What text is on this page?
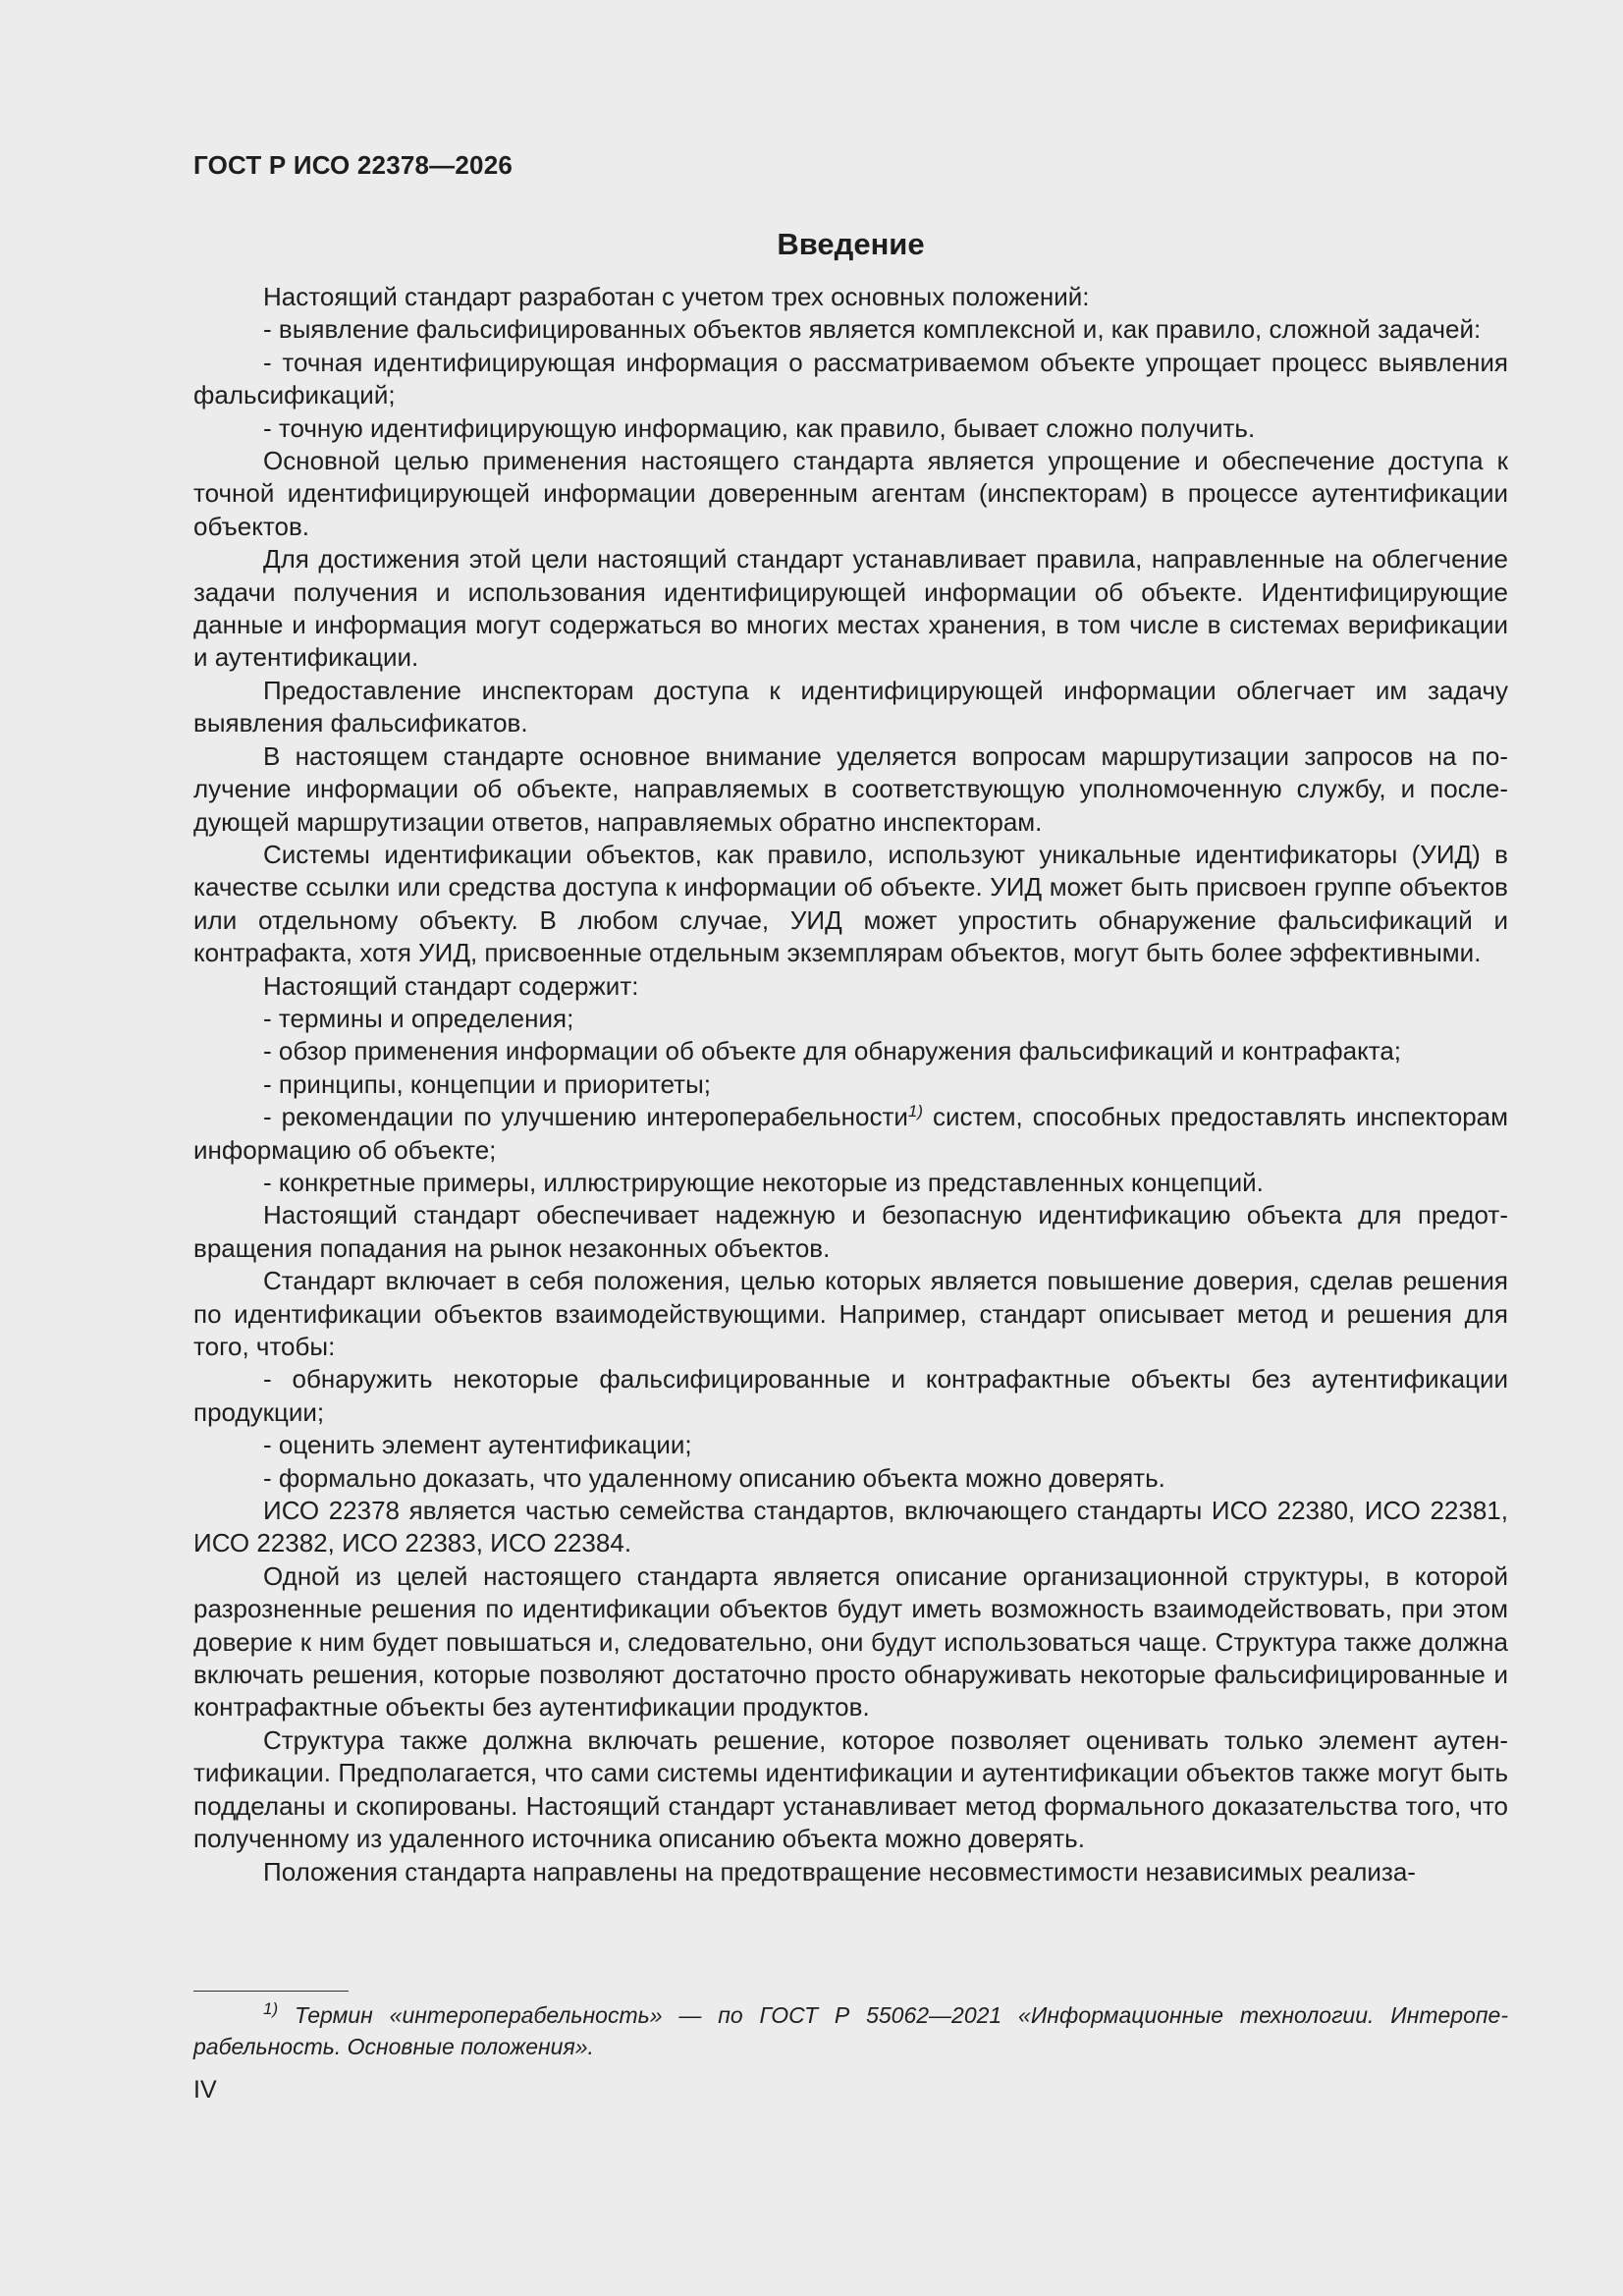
ГОСТ Р ИСО 22378—2026
Введение

Настоящий стандарт разработан с учетом трех основных положений:

- выявление фальсифицированных объектов является комплексной и, как правило, сложной задачей:

- точная идентифицирующая информация о рассматриваемом объекте упрощает процесс выявления фальсификаций;

- точную идентифицирующую информацию, как правило, бывает сложно получить.

Основной целью применения настоящего стандарта является упрощение и обеспечение доступа к точной идентифицирующей информации доверенным агентам (инспекторам) в процессе аутентификации объектов.

Для достижения этой цели настоящий стандарт устанавливает правила, направленные на облегчение задачи получения и использования идентифицирующей информации об объекте. Идентифицирующие данные и информация могут содержаться во многих местах хранения, в том числе в системах верификации и аутентификации.

Предоставление инспекторам доступа к идентифицирующей информации облегчает им задачу выявления фальсификатов.

В настоящем стандарте основное внимание уделяется вопросам маршрутизации запросов на получение информации об объекте, направляемых в соответствующую уполномоченную службу, и последующей маршрутизации ответов, направляемых обратно инспекторам.

Системы идентификации объектов, как правило, используют уникальные идентификаторы (УИД) в качестве ссылки или средства доступа к информации об объекте. УИД может быть присвоен группе объектов или отдельному объекту. В любом случае, УИД может упростить обнаружение фальсификаций и контрафакта, хотя УИД, присвоенные отдельным экземплярам объектов, могут быть более эффективными.

Настоящий стандарт содержит:

- термины и определения;

- обзор применения информации об объекте для обнаружения фальсификаций и контрафакта;

- принципы, концепции и приоритеты;

- рекомендации по улучшению интероперабельности$^{1)}$ систем, способных предоставлять инспекторам информацию об объекте;

- конкретные примеры, иллюстрирующие некоторые из представленных концепций.

Настоящий стандарт обеспечивает надежную и безопасную идентификацию объекта для предотвращения попадания на рынок незаконных объектов.

Стандарт включает в себя положения, целью которых является повышение доверия, сделав решения по идентификации объектов взаимодействующими. Например, стандарт описывает метод и решения для того, чтобы:

- обнаружить некоторые фальсифицированные и контрафактные объекты без аутентификации продукции;

- оценить элемент аутентификации;

- формально доказать, что удаленному описанию объекта можно доверять.

ИСО 22378 является частью семейства стандартов, включающего стандарты ИСО 22380, ИСО 22381, ИСО 22382, ИСО 22383, ИСО 22384.

Одной из целей настоящего стандарта является описание организационной структуры, в которой разрозненные решения по идентификации объектов будут иметь возможность взаимодействовать, при этом доверие к ним будет повышаться и, следовательно, они будут использоваться чаще. Структура также должна включать решения, которые позволяют достаточно просто обнаруживать некоторые фальсифицированные и контрафактные объекты без аутентификации продуктов.

Структура также должна включать решение, которое позволяет оценивать только элемент аутентификации. Предполагается, что сами системы идентификации и аутентификации объектов также могут быть подделаны и скопированы. Настоящий стандарт устанавливает метод формального доказательства того, что полученному из удаленного источника описанию объекта можно доверять.

Положения стандарта направлены на предотвращение несовместимости независимых реализа-

$^{1)}$ Термин «интероперабельность» — по ГОСТ Р 55062—2021 «Информационные технологии. Интероперабельность. Основные положения».

IV
